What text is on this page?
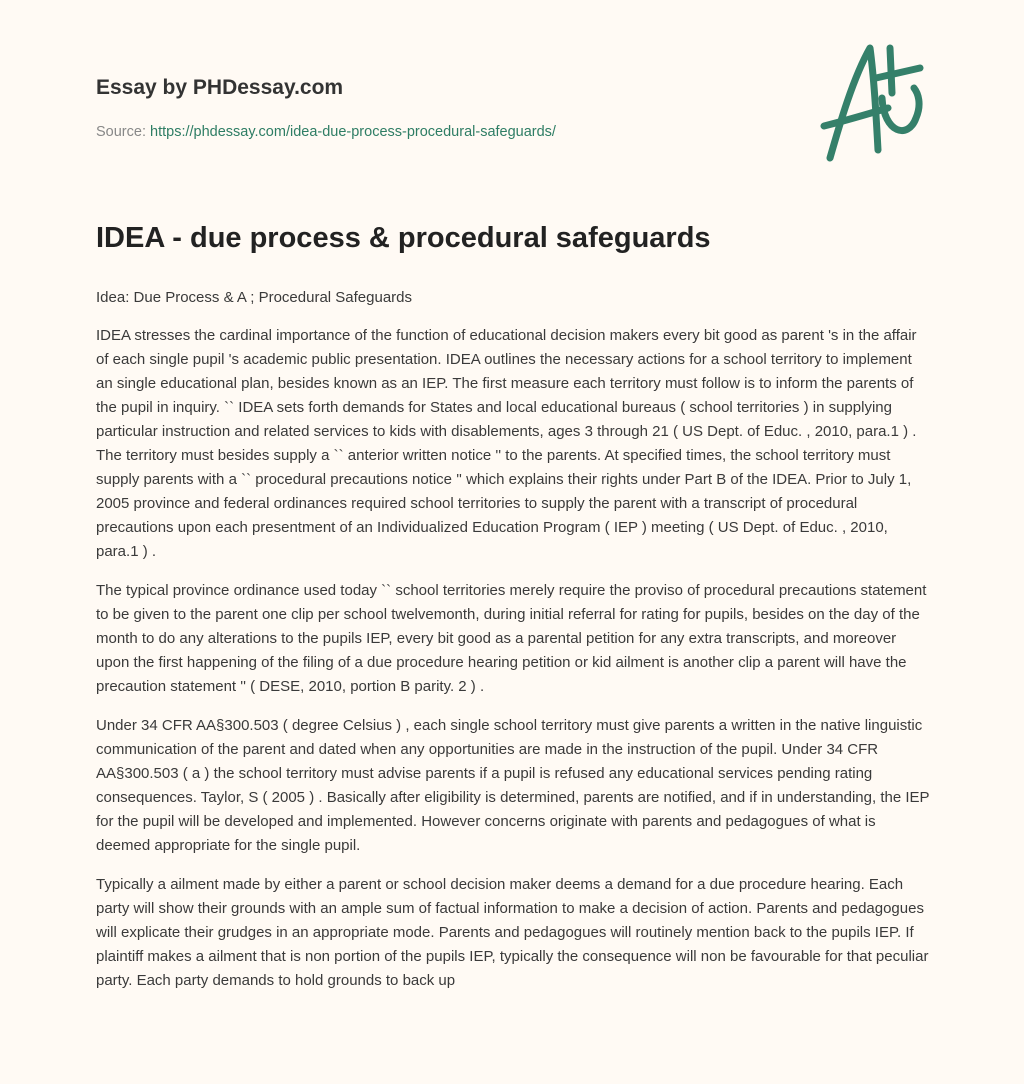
Essay by PHDessay.com
Source: https://phdessay.com/idea-due-process-procedural-safeguards/
IDEA - due process & procedural safeguards

Idea: Due Process & A ; Procedural Safeguards

IDEA stresses the cardinal importance of the function of educational decision makers every bit good as parent 's in the affair of each single pupil 's academic public presentation. IDEA outlines the necessary actions for a school territory to implement an single educational plan, besides known as an IEP. The first measure each territory must follow is to inform the parents of the pupil in inquiry. `` IDEA sets forth demands for States and local educational bureaus ( school territories ) in supplying particular instruction and related services to kids with disablements, ages 3 through 21 ( US Dept. of Educ. , 2010, para.1 ) . The territory must besides supply a `` anterior written notice '' to the parents. At specified times, the school territory must supply parents with a `` procedural precautions notice '' which explains their rights under Part B of the IDEA. Prior to July 1, 2005 province and federal ordinances required school territories to supply the parent with a transcript of procedural precautions upon each presentment of an Individualized Education Program ( IEP ) meeting ( US Dept. of Educ. , 2010, para.1 ) .

The typical province ordinance used today `` school territories merely require the proviso of procedural precautions statement to be given to the parent one clip per school twelvemonth, during initial referral for rating for pupils, besides on the day of the month to do any alterations to the pupils IEP, every bit good as a parental petition for any extra transcripts, and moreover upon the first happening of the filing of a due procedure hearing petition or kid ailment is another clip a parent will have the precaution statement '' ( DESE, 2010, portion B parity. 2 ) .

Under 34 CFR AA§300.503 ( degree Celsius ) , each single school territory must give parents a written in the native linguistic communication of the parent and dated when any opportunities are made in the instruction of the pupil. Under 34 CFR AA§300.503 ( a ) the school territory must advise parents if a pupil is refused any educational services pending rating consequences. Taylor, S ( 2005 ) . Basically after eligibility is determined, parents are notified, and if in understanding, the IEP for the pupil will be developed and implemented. However concerns originate with parents and pedagogues of what is deemed appropriate for the single pupil.

Typically a ailment made by either a parent or school decision maker deems a demand for a due procedure hearing. Each party will show their grounds with an ample sum of factual information to make a decision of action. Parents and pedagogues will explicate their grudges in an appropriate mode. Parents and pedagogues will routinely mention back to the pupils IEP. If plaintiff makes a ailment that is non portion of the pupils IEP, typically the consequence will non be favourable for that peculiar party. Each party demands to hold grounds to back up
